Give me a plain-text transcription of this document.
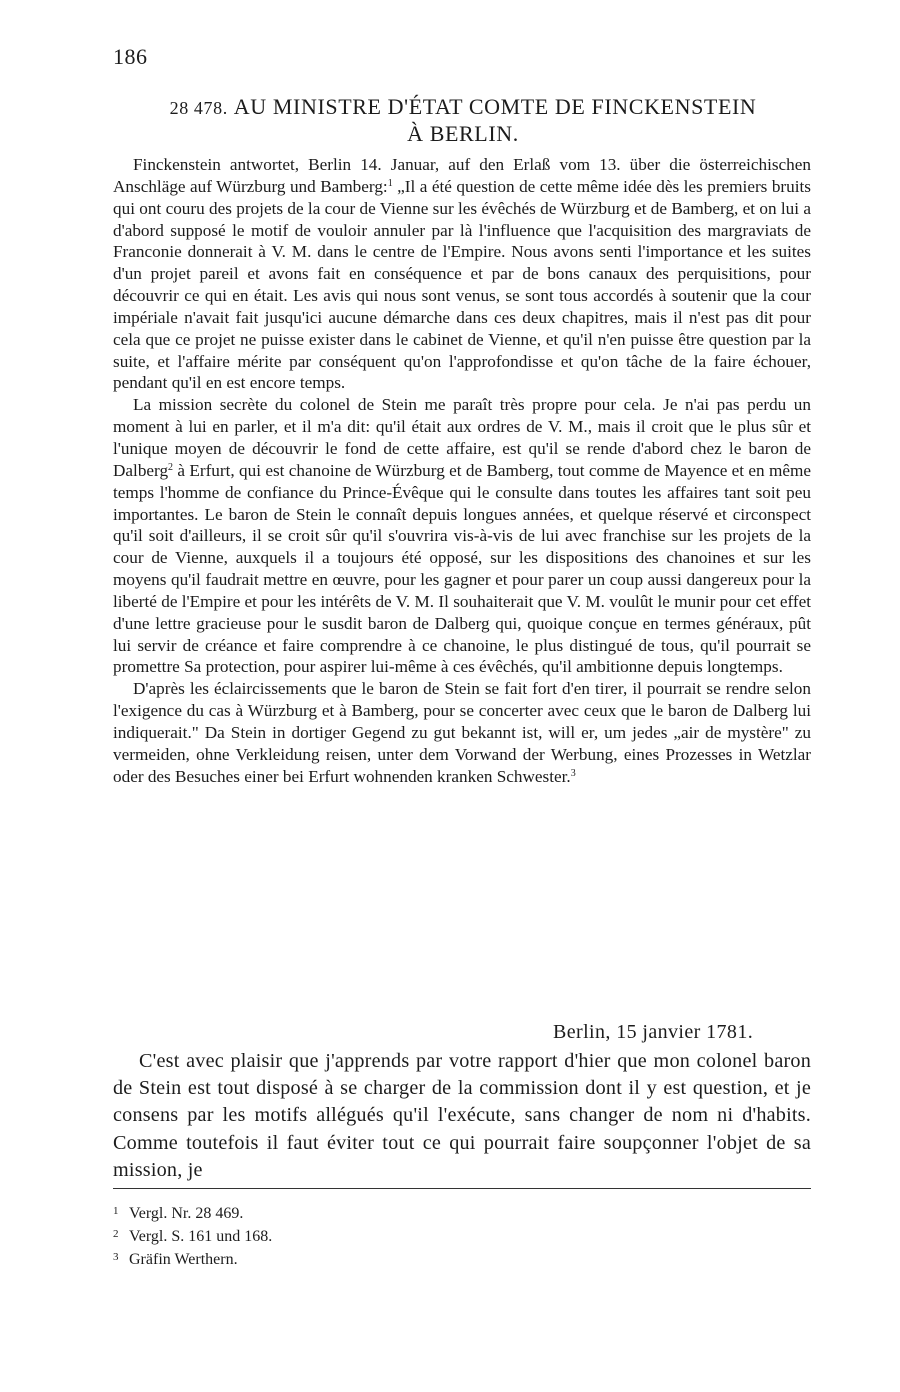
186
28 478. AU MINISTRE D'ÉTAT COMTE DE FINCKENSTEIN
À BERLIN.

Finckenstein antwortet, Berlin 14. Januar, auf den Erlaß vom 13. über die österreichischen Anschläge auf Würzburg und Bamberg:$^1$ „Il a été question de cette même idée dès les premiers bruits qui ont couru des projets de la cour de Vienne sur les évêchés de Würzburg et de Bamberg, et on lui a d'abord supposé le motif de vouloir annuler par là l'influence que l'acquisition des margraviats de Franconie donnerait à V. M. dans le centre de l'Empire. Nous avons senti l'importance et les suites d'un projet pareil et avons fait en conséquence et par de bons canaux des perquisitions, pour découvrir ce qui en était. Les avis qui nous sont venus, se sont tous accordés à soutenir que la cour impériale n'avait fait jusqu'ici aucune démarche dans ces deux chapitres, mais il n'est pas dit pour cela que ce projet ne puisse exister dans le cabinet de Vienne, et qu'il n'en puisse être question par la suite, et l'affaire mérite par conséquent qu'on l'approfondisse et qu'on tâche de la faire échouer, pendant qu'il en est encore temps.

La mission secrète du colonel de Stein me paraît très propre pour cela. Je n'ai pas perdu un moment à lui en parler, et il m'a dit: qu'il était aux ordres de V. M., mais il croit que le plus sûr et l'unique moyen de découvrir le fond de cette affaire, est qu'il se rende d'abord chez le baron de Dalberg$^2$ à Erfurt, qui est chanoine de Würzburg et de Bamberg, tout comme de Mayence et en même temps l'homme de confiance du Prince-Évêque qui le consulte dans toutes les affaires tant soit peu importantes. Le baron de Stein le connaît depuis longues années, et quelque réservé et circonspect qu'il soit d'ailleurs, il se croit sûr qu'il s'ouvrira vis-à-vis de lui avec franchise sur les projets de la cour de Vienne, auxquels il a toujours été opposé, sur les dispositions des chanoines et sur les moyens qu'il faudrait mettre en œuvre, pour les gagner et pour parer un coup aussi dangereux pour la liberté de l'Empire et pour les intérêts de V. M. Il souhaiterait que V. M. voulût le munir pour cet effet d'une lettre gracieuse pour le susdit baron de Dalberg qui, quoique conçue en termes généraux, pût lui servir de créance et faire comprendre à ce chanoine, le plus distingué de tous, qu'il pourrait se promettre Sa protection, pour aspirer lui-même à ces évêchés, qu'il ambitionne depuis longtemps.

D'après les éclaircissements que le baron de Stein se fait fort d'en tirer, il pourrait se rendre selon l'exigence du cas à Würzburg et à Bamberg, pour se concerter avec ceux que le baron de Dalberg lui indiquerait." Da Stein in dortiger Gegend zu gut bekannt ist, will er, um jedes „air de mystère" zu vermeiden, ohne Verkleidung reisen, unter dem Vorwand der Werbung, eines Prozesses in Wetzlar oder des Besuches einer bei Erfurt wohnenden kranken Schwester.$^3$

Berlin, 15 janvier 1781.

C'est avec plaisir que j'apprends par votre rapport d'hier que mon colonel baron de Stein est tout disposé à se charger de la commission dont il y est question, et je consens par les motifs allégués qu'il l'exécute, sans changer de nom ni d'habits. Comme toutefois il faut éviter tout ce qui pourrait faire soupçonner l'objet de sa mission, je

1 Vergl. Nr. 28 469.
2 Vergl. S. 161 und 168.
3 Gräfin Werthern.
